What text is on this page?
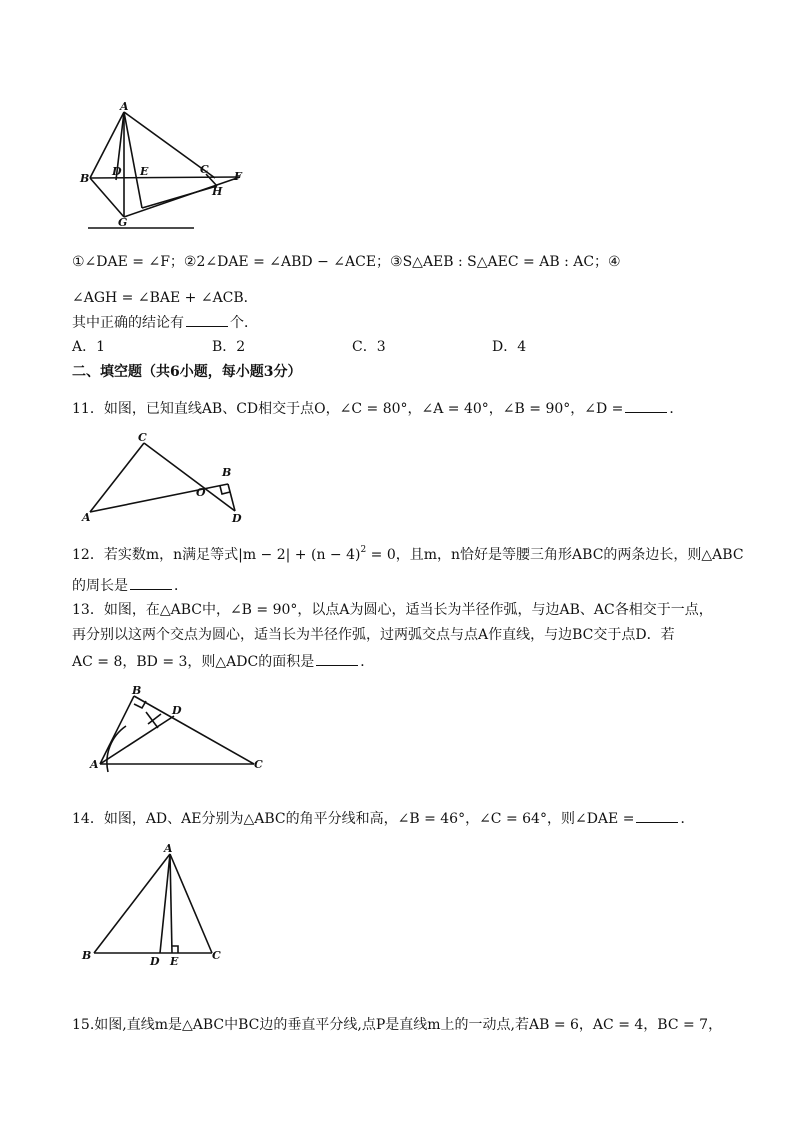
A
B
D E	C
F
H
G
①∠DAE = ∠F；②2∠DAE = ∠ABD − ∠ACE；③S△AEB : S△AEC = AB : AC；④
∠AGH = ∠BAE + ∠ACB．
其中正确的结论有	个．
A．1	B．2	C．3	D．4
二、填空题（共6小题，每小题3分）
11．如图，已知直线AB、CD相交于点O，∠C = 80°，∠A = 40°，∠B = 90°，∠D =	．
C
B
O
A	D
12．若实数m，n满足等式$|m - 2| + (n - 4)^2 = 0$，且m，n恰好是等腰三角形ABC的两条边长，则△ABC
的周长是	．
13．如图，在△ABC中，∠B = 90°，以点A为圆心，适当长为半径作弧，与边AB、AC各相交于一点，
再分别以这两个交点为圆心，适当长为半径作弧，过两弧交点与点A作直线，与边BC交于点D．若
AC = 8，BD = 3，则△ADC的面积是	．
B
D
A	C
14．如图，AD、AE分别为△ABC的角平分线和高，∠B = 46°，∠C = 64°，则∠DAE =	．
A
B	D E	C
15.如图,直线m是△ABC中BC边的垂直平分线,点P是直线m上的一动点,若AB = 6，AC = 4，BC = 7，
